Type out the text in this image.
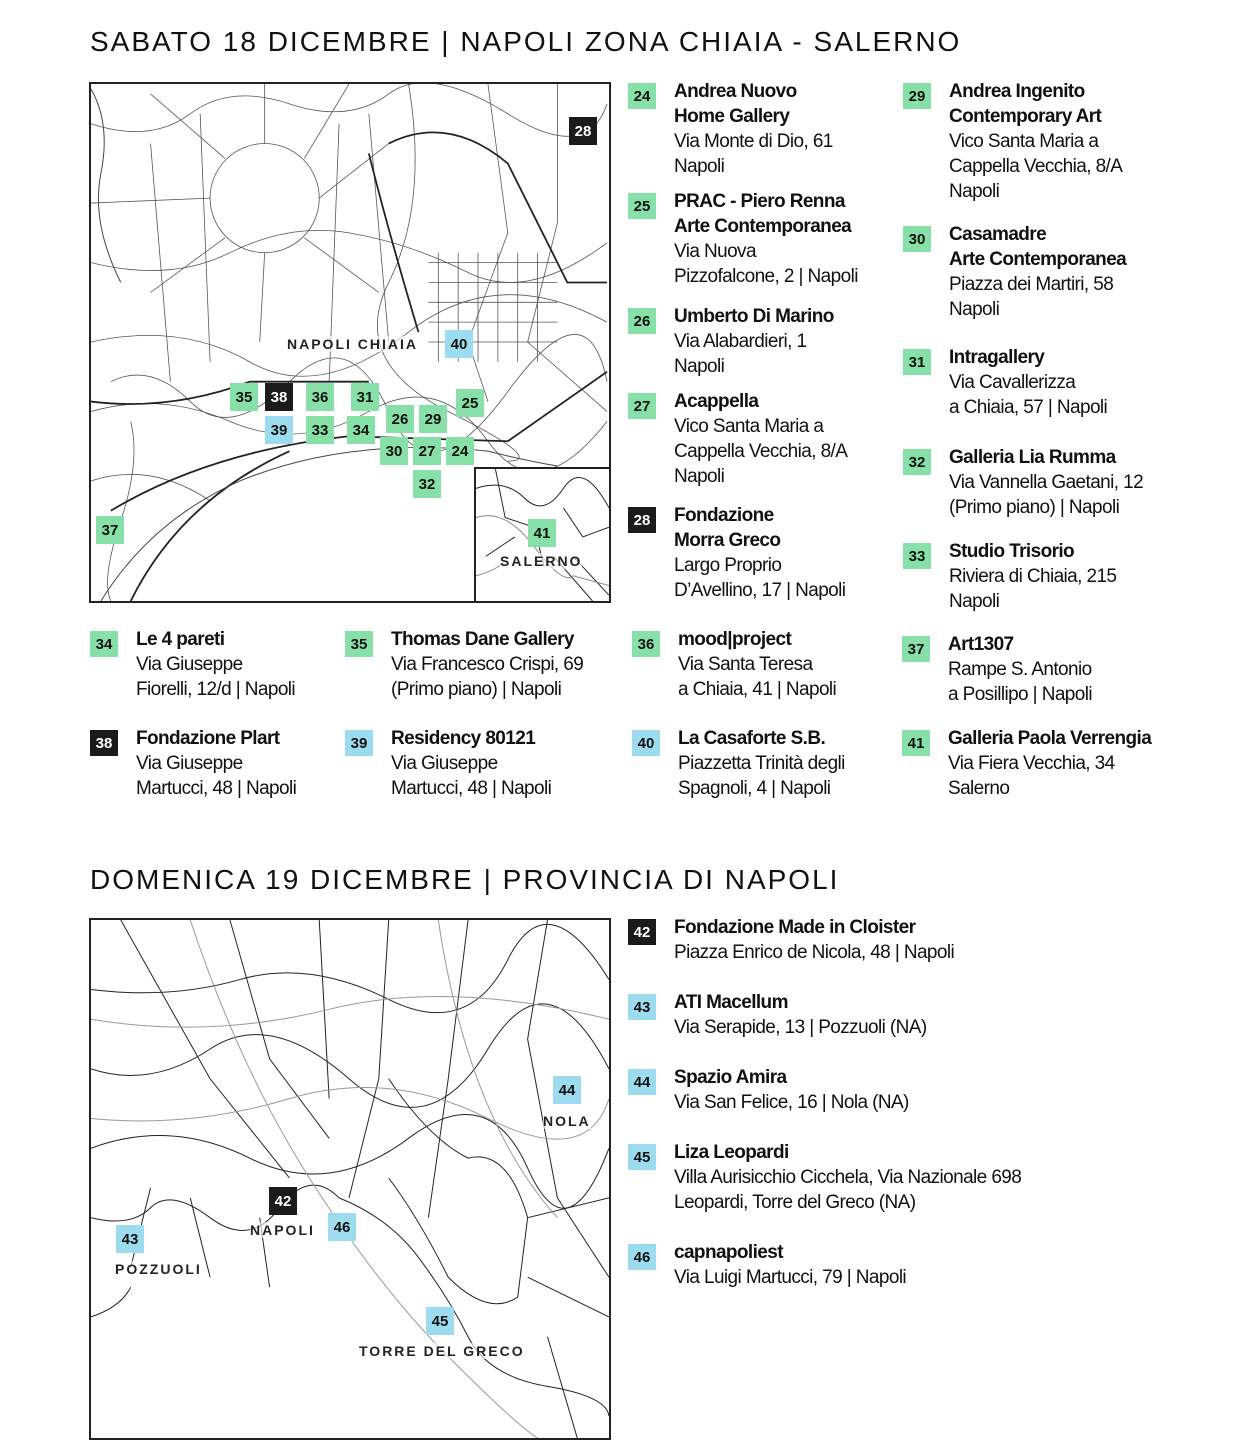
SABATO 18 DICEMBRE | NAPOLI ZONA CHIAIA - SALERNO
NAPOLI CHIAIA
28
40
35	38	36	31
39	33	34
26	29
25
30	27	24
32
37	41
SALERNO
24 Andrea Nuovo
Home Gallery
Via Monte di Dio, 61
Napoli
25 PRAC - Piero Renna
Arte Contemporanea
Via Nuova
Pizzofalcone, 2 | Napoli
26 Umberto Di Marino
Via Alabardieri, 1
Napoli
27 Acappella
Vico Santa Maria a
Cappella Vecchia, 8/A
Napoli
28 Fondazione
Morra Greco
Largo Proprio
D’Avellino, 17 | Napoli
29 Andrea Ingenito
Contemporary Art
Vico Santa Maria a
Cappella Vecchia, 8/A
Napoli
30 Casamadre
Arte Contemporanea
Piazza dei Martiri, 58
Napoli
31 Intragallery
Via Cavallerizza
a Chiaia, 57 | Napoli
32 Galleria Lia Rumma
Via Vannella Gaetani, 12
(Primo piano) | Napoli
33 Studio Trisorio
Riviera di Chiaia, 215
Napoli
34 Le 4 pareti
Via Giuseppe
Fiorelli, 12/d | Napoli
35 Thomas Dane Gallery
Via Francesco Crispi, 69
(Primo piano) | Napoli
36 mood|project
Via Santa Teresa
a Chiaia, 41 | Napoli
37 Art1307
Rampe S. Antonio
a Posillipo | Napoli
38 Fondazione Plart
Via Giuseppe
Martucci, 48 | Napoli
39 Residency 80121
Via Giuseppe
Martucci, 48 | Napoli
40 La Casaforte S.B.
Piazzetta Trinità degli
Spagnoli, 4 | Napoli
41 Galleria Paola Verrengia
Via Fiera Vecchia, 34
Salerno
DOMENICA 19 DICEMBRE | PROVINCIA DI NAPOLI
42
NAPOLI	46
43
POZZUOLI
44
NOLA
45
TORRE DEL GRECO
42 Fondazione Made in Cloister
Piazza Enrico de Nicola, 48 | Napoli
43 ATI Macellum
Via Serapide, 13 | Pozzuoli (NA)
44 Spazio Amira
Via San Felice, 16 | Nola (NA)
45 Liza Leopardi
Villa Aurisicchio Cicchela, Via Nazionale 698
Leopardi, Torre del Greco (NA)
46 capnapoliest
Via Luigi Martucci, 79 | Napoli
